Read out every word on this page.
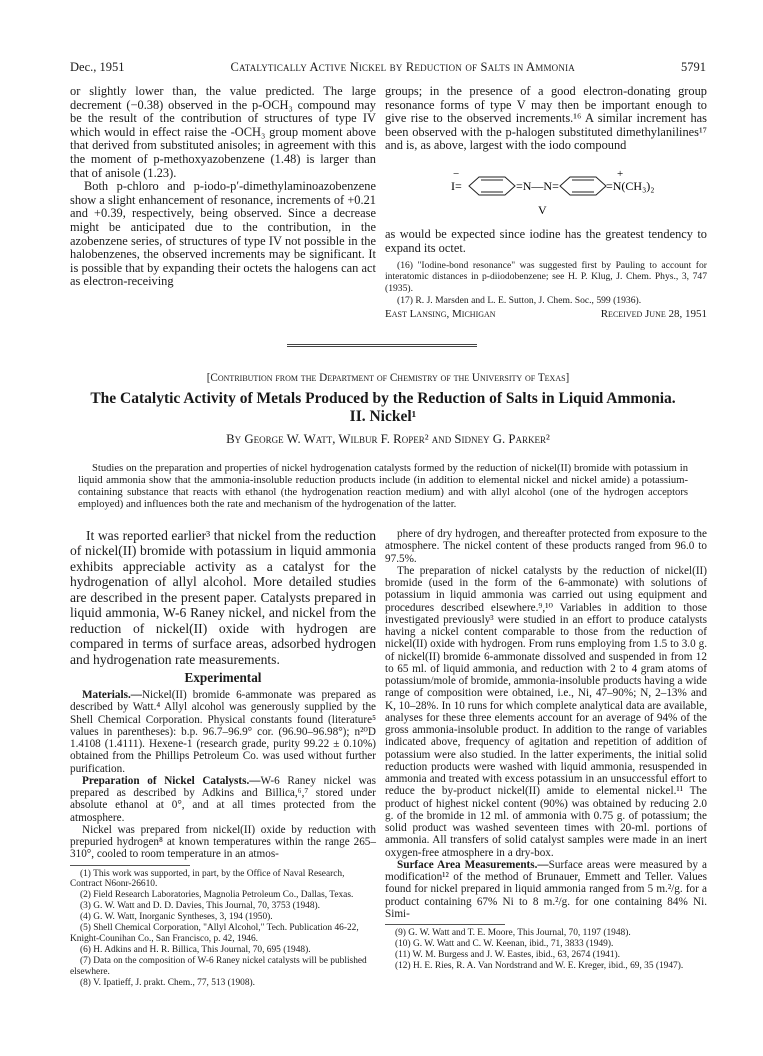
Dec., 1951	Catalytically Active Nickel by Reduction of Salts in Ammonia	5791

or slightly lower than, the value predicted. The large decrement (−0.38) observed in the p-OCH₃ compound may be the result of the contribution of structures of type IV which would in effect raise the -OCH₃ group moment above that derived from substituted anisoles; in agreement with this the moment of p-methoxyazobenzene (1.48) is larger than that of anisole (1.23).

Both p-chloro and p-iodo-p′-dimethylaminoazobenzene show a slight enhancement of resonance, increments of +0.21 and +0.39, respectively, being observed. Since a decrease might be anticipated due to the contribution, in the azobenzene series, of structures of type IV not possible in the halobenzenes, the observed increments may be significant. It is possible that by expanding their octets the halogens can act as electron-receiving

groups; in the presence of a good electron-donating group resonance forms of type V may then be important enough to give rise to the observed increments.¹⁶ A similar increment has been observed with the p-halogen substituted dimethylanilines¹⁷ and is, as above, largest with the iodo compound

−
I=	=N—N=
+
=N(CH₃)₂
V

as would be expected since iodine has the greatest tendency to expand its octet.

(16) "Iodine-bond resonance" was suggested first by Pauling to account for interatomic distances in p-diiodobenzene; see H. P. Klug, J. Chem. Phys., 3, 747 (1935).

(17) R. J. Marsden and L. E. Sutton, J. Chem. Soc., 599 (1936).

East Lansing, Michigan	Received June 28, 1951
[Contribution from the Department of Chemistry of the University of Texas]
The Catalytic Activity of Metals Produced by the Reduction of Salts in Liquid Ammonia.
II. Nickel¹
By George W. Watt, Wilbur F. Roper² and Sidney G. Parker²

Studies on the preparation and properties of nickel hydrogenation catalysts formed by the reduction of nickel(II) bromide with potassium in liquid ammonia show that the ammonia-insoluble reduction products include (in addition to elemental nickel and nickel amide) a potassium-containing substance that reacts with ethanol (the hydrogenation reaction medium) and with allyl alcohol (one of the hydrogen acceptors employed) and influences both the rate and mechanism of the hydrogenation of the latter.

It was reported earlier³ that nickel from the reduction of nickel(II) bromide with potassium in liquid ammonia exhibits appreciable activity as a catalyst for the hydrogenation of allyl alcohol. More detailed studies are described in the present paper. Catalysts prepared in liquid ammonia, W-6 Raney nickel, and nickel from the reduction of nickel(II) oxide with hydrogen are compared in terms of surface areas, adsorbed hydrogen and hydrogenation rate measurements.

Experimental

Materials.—Nickel(II) bromide 6-ammonate was prepared as described by Watt.⁴ Allyl alcohol was generously supplied by the Shell Chemical Corporation. Physical constants found (literature⁵ values in parentheses): b.p. 96.7–96.9° cor. (96.90–96.98°); n²⁰D 1.4108 (1.4111). Hexene-1 (research grade, purity 99.22 ± 0.10%) obtained from the Phillips Petroleum Co. was used without further purification.

Preparation of Nickel Catalysts.—W-6 Raney nickel was prepared as described by Adkins and Billica,⁶,⁷ stored under absolute ethanol at 0°, and at all times protected from the atmosphere.

Nickel was prepared from nickel(II) oxide by reduction with prepuried hydrogen⁸ at known temperatures within the range 265–310°, cooled to room temperature in an atmos-

(1) This work was supported, in part, by the Office of Naval Research, Contract N6onr-26610.

(2) Field Research Laboratories, Magnolia Petroleum Co., Dallas, Texas.

(3) G. W. Watt and D. D. Davies, This Journal, 70, 3753 (1948).

(4) G. W. Watt, Inorganic Syntheses, 3, 194 (1950).

(5) Shell Chemical Corporation, "Allyl Alcohol," Tech. Publication 46-22, Knight-Counihan Co., San Francisco, p. 42, 1946.

(6) H. Adkins and H. R. Billica, This Journal, 70, 695 (1948).

(7) Data on the composition of W-6 Raney nickel catalysts will be published elsewhere.

(8) V. Ipatieff, J. prakt. Chem., 77, 513 (1908).

phere of dry hydrogen, and thereafter protected from exposure to the atmosphere. The nickel content of these products ranged from 96.0 to 97.5%.

The preparation of nickel catalysts by the reduction of nickel(II) bromide (used in the form of the 6-ammonate) with solutions of potassium in liquid ammonia was carried out using equipment and procedures described elsewhere.⁹,¹⁰ Variables in addition to those investigated previously³ were studied in an effort to produce catalysts having a nickel content comparable to those from the reduction of nickel(II) oxide with hydrogen. From runs employing from 1.5 to 3.0 g. of nickel(II) bromide 6-ammonate dissolved and suspended in from 12 to 65 ml. of liquid ammonia, and reduction with 2 to 4 gram atoms of potassium/mole of bromide, ammonia-insoluble products having a wide range of composition were obtained, i.e., Ni, 47–90%; N, 2–13% and K, 10–28%. In 10 runs for which complete analytical data are available, analyses for these three elements account for an average of 94% of the gross ammonia-insoluble product. In addition to the range of variables indicated above, frequency of agitation and repetition of addition of potassium were also studied. In the latter experiments, the initial solid reduction products were washed with liquid ammonia, resuspended in ammonia and treated with excess potassium in an unsuccessful effort to reduce the by-product nickel(II) amide to elemental nickel.¹¹ The product of highest nickel content (90%) was obtained by reducing 2.0 g. of the bromide in 12 ml. of ammonia with 0.75 g. of potassium; the solid product was washed seventeen times with 20-ml. portions of ammonia. All transfers of solid catalyst samples were made in an inert oxygen-free atmosphere in a dry-box.

Surface Area Measurements.—Surface areas were measured by a modification¹² of the method of Brunauer, Emmett and Teller. Values found for nickel prepared in liquid ammonia ranged from 5 m.²/g. for a product containing 67% Ni to 8 m.²/g. for one containing 84% Ni. Simi-

(9) G. W. Watt and T. E. Moore, This Journal, 70, 1197 (1948).

(10) G. W. Watt and C. W. Keenan, ibid., 71, 3833 (1949).

(11) W. M. Burgess and J. W. Eastes, ibid., 63, 2674 (1941).

(12) H. E. Ries, R. A. Van Nordstrand and W. E. Kreger, ibid., 69, 35 (1947).
